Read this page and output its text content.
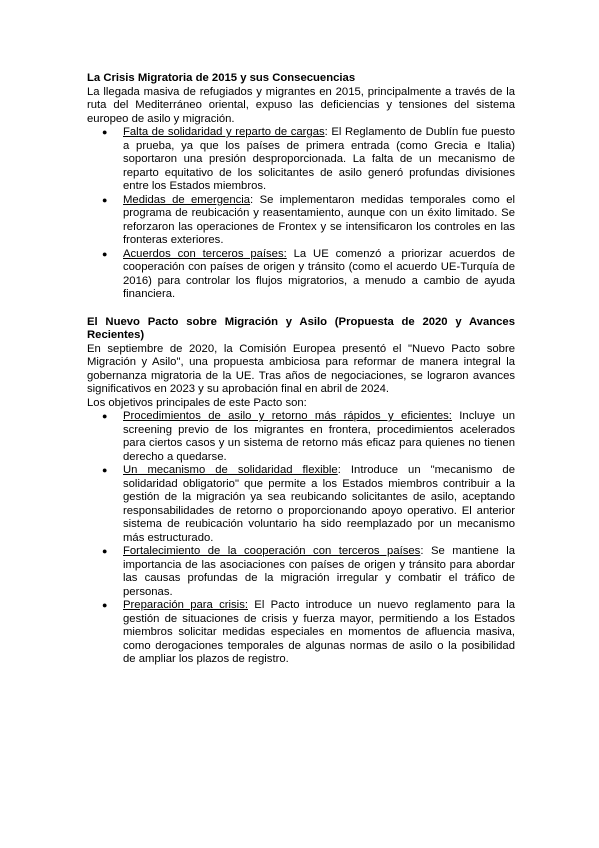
La Crisis Migratoria de 2015 y sus Consecuencias

La llegada masiva de refugiados y migrantes en 2015, principalmente a través de la ruta del Mediterráneo oriental, expuso las deficiencias y tensiones del sistema europeo de asilo y migración.

● Falta de solidaridad y reparto de cargas: El Reglamento de Dublín fue puesto a prueba, ya que los países de primera entrada (como Grecia e Italia) soportaron una presión desproporcionada. La falta de un mecanismo de reparto equitativo de los solicitantes de asilo generó profundas divisiones entre los Estados miembros.
● Medidas de emergencia: Se implementaron medidas temporales como el programa de reubicación y reasentamiento, aunque con un éxito limitado. Se reforzaron las operaciones de Frontex y se intensificaron los controles en las fronteras exteriores.
● Acuerdos con terceros países: La UE comenzó a priorizar acuerdos de cooperación con países de origen y tránsito (como el acuerdo UE-Turquía de 2016) para controlar los flujos migratorios, a menudo a cambio de ayuda financiera.
El Nuevo Pacto sobre Migración y Asilo (Propuesta de 2020 y Avances Recientes)

En septiembre de 2020, la Comisión Europea presentó el "Nuevo Pacto sobre Migración y Asilo", una propuesta ambiciosa para reformar de manera integral la gobernanza migratoria de la UE. Tras años de negociaciones, se lograron avances significativos en 2023 y su aprobación final en abril de 2024.

Los objetivos principales de este Pacto son:

● Procedimientos de asilo y retorno más rápidos y eficientes: Incluye un screening previo de los migrantes en frontera, procedimientos acelerados para ciertos casos y un sistema de retorno más eficaz para quienes no tienen derecho a quedarse.
● Un mecanismo de solidaridad flexible: Introduce un "mecanismo de solidaridad obligatorio" que permite a los Estados miembros contribuir a la gestión de la migración ya sea reubicando solicitantes de asilo, aceptando responsabilidades de retorno o proporcionando apoyo operativo. El anterior sistema de reubicación voluntario ha sido reemplazado por un mecanismo más estructurado.
● Fortalecimiento de la cooperación con terceros países: Se mantiene la importancia de las asociaciones con países de origen y tránsito para abordar las causas profundas de la migración irregular y combatir el tráfico de personas.
● Preparación para crisis: El Pacto introduce un nuevo reglamento para la gestión de situaciones de crisis y fuerza mayor, permitiendo a los Estados miembros solicitar medidas especiales en momentos de afluencia masiva, como derogaciones temporales de algunas normas de asilo o la posibilidad de ampliar los plazos de registro.
